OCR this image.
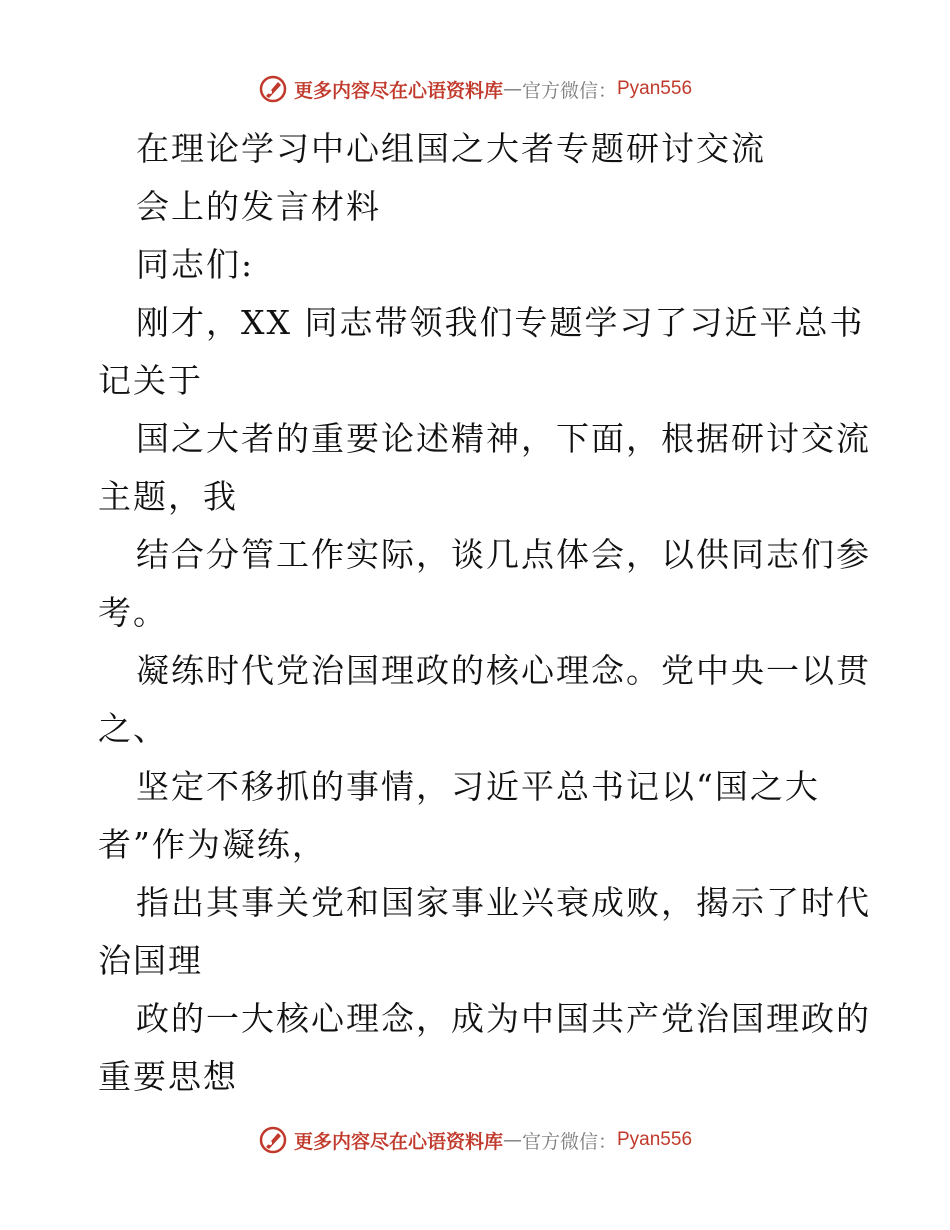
更多内容尽在心语资料库 — 官方微信： Pyan556
在理论学习中心组国之大者专题研讨交流
会上的发言材料
同志们:
刚才，XX 同志带领我们专题学习了习近平总书
记关于
国之大者的重要论述精神，下面，根据研讨交流
主题，我
结合分管工作实际，谈几点体会，以供同志们参
考。
凝练时代党治国理政的核心理念。党中央一以贯
之、
坚定不移抓的事情，习近平总书记以“国之大
者”作为凝练，
指出其事关党和国家事业兴衰成败，揭示了时代
治国理
政的一大核心理念，成为中国共产党治国理政的
重要思想
更多内容尽在心语资料库 — 官方微信： Pyan556
